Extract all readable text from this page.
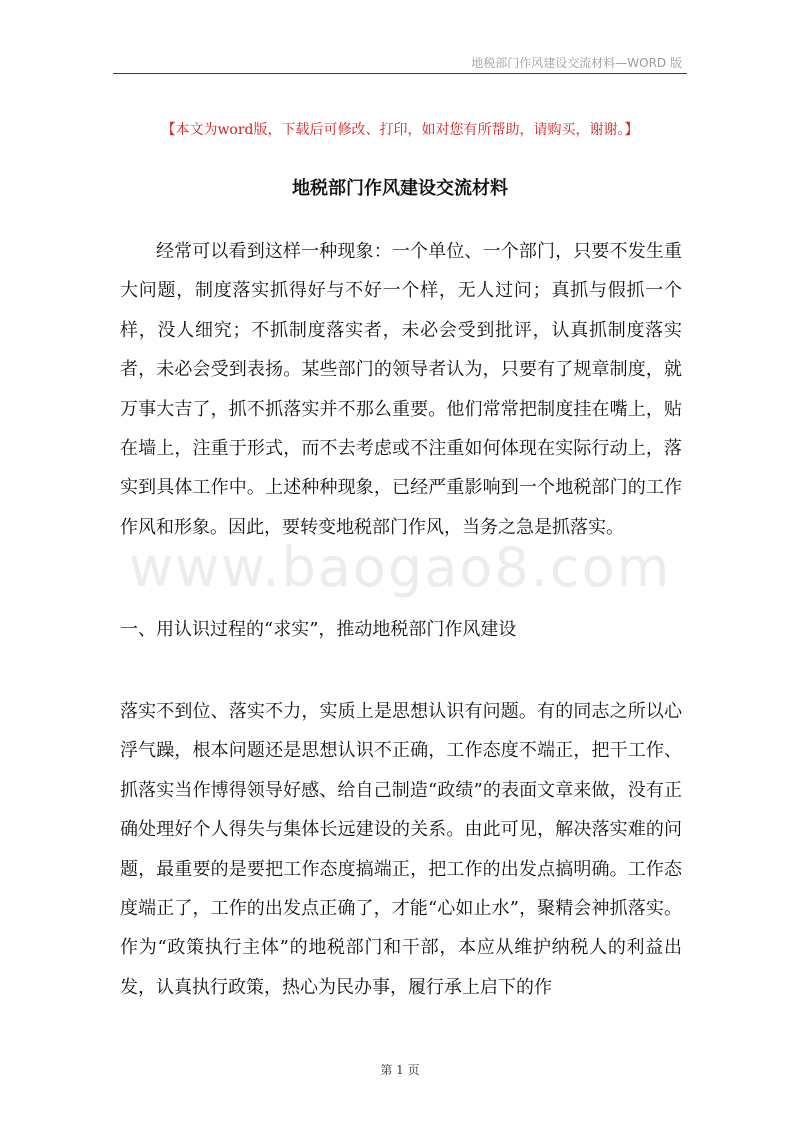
地税部门作风建设交流材料—WORD 版
【本文为word版，下载后可修改、打印，如对您有所帮助，请购买，谢谢。】
地税部门作风建设交流材料
www.baogao8.com

经常可以看到这样一种现象：一个单位、一个部门，只要不发生重大问题，制度落实抓得好与不好一个样，无人过问；真抓与假抓一个样，没人细究；不抓制度落实者，未必会受到批评，认真抓制度落实者，未必会受到表扬。某些部门的领导者认为，只要有了规章制度，就万事大吉了，抓不抓落实并不那么重要。他们常常把制度挂在嘴上，贴在墙上，注重于形式，而不去考虑或不注重如何体现在实际行动上，落实到具体工作中。上述种种现象，已经严重影响到一个地税部门的工作作风和形象。因此，要转变地税部门作风，当务之急是抓落实。

一、用认识过程的“求实”，推动地税部门作风建设

落实不到位、落实不力，实质上是思想认识有问题。有的同志之所以心浮气躁，根本问题还是思想认识不正确，工作态度不端正，把干工作、抓落实当作博得领导好感、给自己制造“政绩”的表面文章来做，没有正确处理好个人得失与集体长远建设的关系。由此可见，解决落实难的问题，最重要的是要把工作态度搞端正，把工作的出发点搞明确。工作态度端正了，工作的出发点正确了，才能“心如止水”，聚精会神抓落实。作为“政策执行主体”的地税部门和干部，本应从维护纳税人的利益出发，认真执行政策，热心为民办事，履行承上启下的作

第 1 页
